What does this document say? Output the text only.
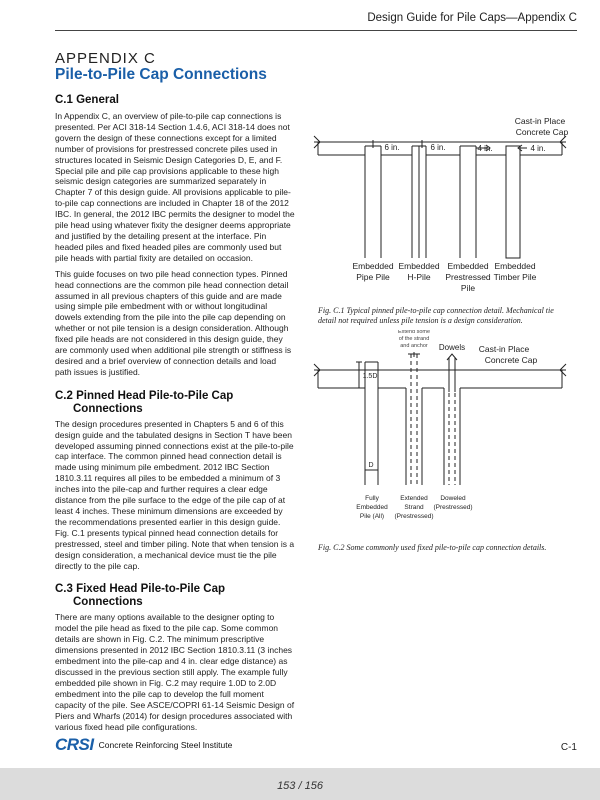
Design Guide for Pile Caps—Appendix C
APPENDIX C
Pile-to-Pile Cap Connections
C.1 General

In Appendix C, an overview of pile-to-pile cap connections is presented. Per ACI 318-14 Section 1.4.6, ACI 318-14 does not govern the design of these connections except for a limited number of provisions for prestressed concrete piles used in structures located in Seismic Design Categories D, E, and F. Special pile and pile cap provisions applicable to these high seismic design categories are summarized separately in Chapter 7 of this design guide. All provisions applicable to pile-to-pile cap connections are included in Chapter 18 of the 2012 IBC. In general, the 2012 IBC permits the designer to model the pile head using whatever fixity the designer deems appropriate and justified by the detailing present at the interface. Pin headed piles and fixed headed piles are commonly used but pile heads with partial fixity are detailed on occasion.

This guide focuses on two pile head connection types. Pinned head connections are the common pile head connection detail assumed in all previous chapters of this guide and are made using simple pile embedment with or without longitudinal dowels extending from the pile into the pile cap depending on whether or not pile tension is a design consideration. Although fixed pile heads are not considered in this design guide, they are commonly used when additional pile strength or stiffness is desired and a brief overview of connection details and load path issues is justified.

C.2 Pinned Head Pile-to-Pile Cap
Connections

The design procedures presented in Chapters 5 and 6 of this design guide and the tabulated designs in Section T have been developed assuming pinned connections exist at the pile-to-pile cap interface. The common pinned head connection detail is made using minimum pile embedment. 2012 IBC Section 1810.3.11 requires all piles to be embedded a minimum of 3 inches into the pile-cap and further requires a clear edge distance from the pile surface to the edge of the pile cap of at least 4 inches. These minimum dimensions are exceeded by the recommendations presented earlier in this design guide. Fig. C.1 presents typical pinned head connection details for prestressed, steel and timber piling. Note that when tension is a design consideration, a mechanical device must tie the pile directly to the pile cap.

C.3 Fixed Head Pile-to-Pile Cap
Connections

There are many options available to the designer opting to model the pile head as fixed to the pile cap. Some common details are shown in Fig. C.2. The minimum prescriptive dimensions presented in 2012 IBC Section 1810.3.11 (3 inches embedment into the pile-cap and 4 in. clear edge distance) as discussed in the previous section still apply. The example fully embedded pile shown in Fig. C.2 may require 1.0D to 2.0D embedment into the pile cap to develop the full moment capacity of the pile. See ASCE/COPRI 61-14 Seismic Design of Piers and Wharfs (2014) for design procedures associated with various fixed head pile configurations.

Cast-in Place
Concrete Cap
6 in.	6 in.	4 in.	4 in.
Embedded
Pipe Pile
Embedded
H-Pile
Embedded
Prestressed
Pile
Embedded
Timber Pile
Fig. C.1 Typical pinned pile-to-pile cap connection detail. Mechanical tie detail not required unless pile tension is a design consideration.
Extend some
of the strand
and anchor Dowels Cast-in Place
Concrete Cap
1.5D
D
Fully
Embedded
Pile (All)
Extended
Strand
(Prestressed)
Doweled
(Prestressed)
Fig. C.2 Some commonly used fixed pile-to-pile cap connection details.
CRSI Concrete Reinforcing Steel Institute	C-1
153 / 156
